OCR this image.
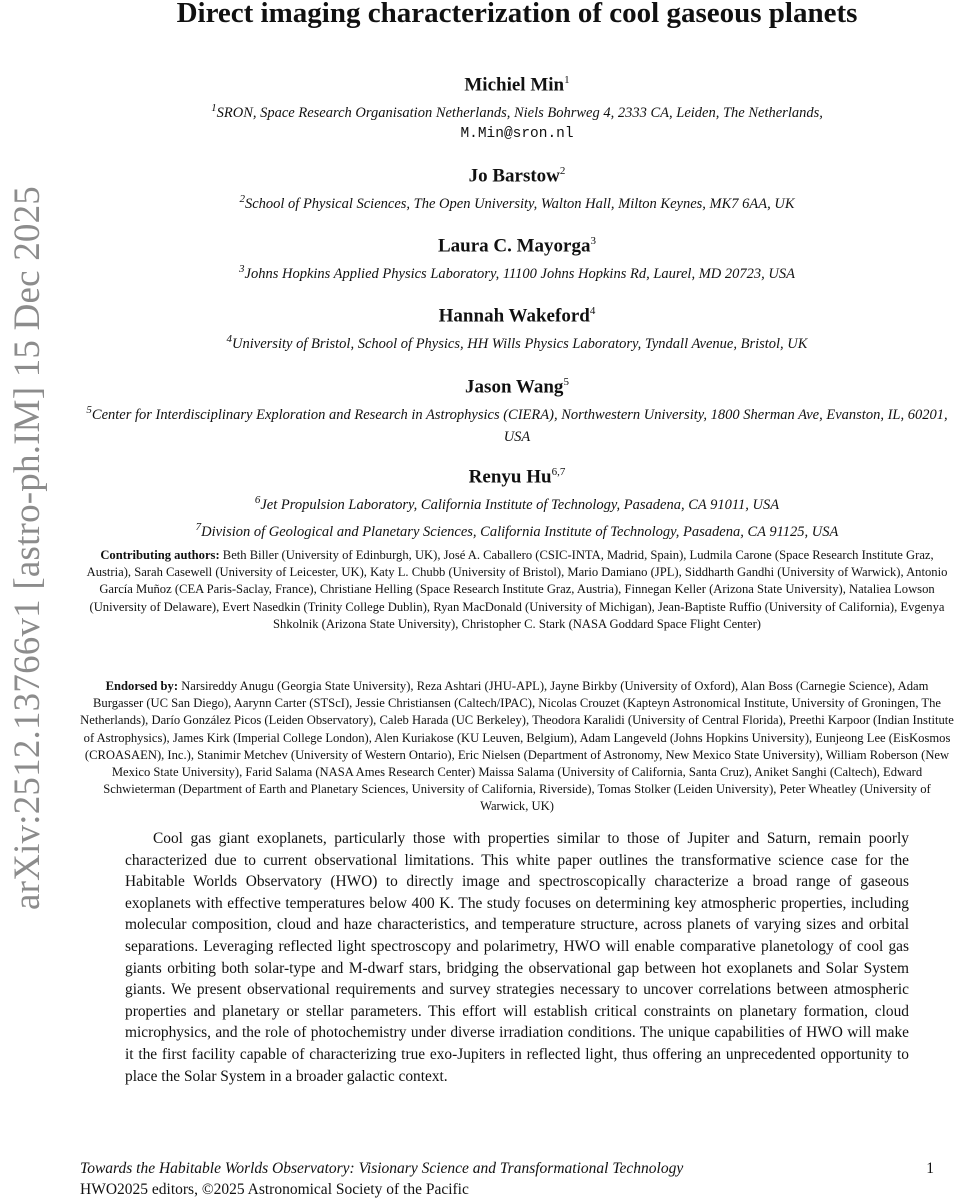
arXiv:2512.13766v1 [astro-ph.IM] 15 Dec 2025
Direct imaging characterization of cool gaseous planets
Michiel Min$^1$
$^1$SRON, Space Research Organisation Netherlands, Niels Bohrweg 4, 2333 CA, Leiden, The Netherlands,
M.Min@sron.nl
Jo Barstow$^2$
$^2$School of Physical Sciences, The Open University, Walton Hall, Milton Keynes, MK7 6AA, UK
Laura C. Mayorga$^3$
$^3$Johns Hopkins Applied Physics Laboratory, 11100 Johns Hopkins Rd, Laurel, MD 20723, USA
Hannah Wakeford$^4$
$^4$University of Bristol, School of Physics, HH Wills Physics Laboratory, Tyndall Avenue, Bristol, UK
Jason Wang$^5$
$^5$Center for Interdisciplinary Exploration and Research in Astrophysics (CIERA), Northwestern University, 1800 Sherman Ave, Evanston, IL, 60201, USA
Renyu Hu$^{6,7}$
$^6$Jet Propulsion Laboratory, California Institute of Technology, Pasadena, CA 91011, USA
$^7$Division of Geological and Planetary Sciences, California Institute of Technology, Pasadena, CA 91125, USA
Contributing authors: Beth Biller (University of Edinburgh, UK), José A. Caballero (CSIC-INTA, Madrid, Spain), Ludmila Carone (Space Research Institute Graz, Austria), Sarah Casewell (University of Leicester, UK), Katy L. Chubb (University of Bristol), Mario Damiano (JPL), Siddharth Gandhi (University of Warwick), Antonio García Muñoz (CEA Paris-Saclay, France), Christiane Helling (Space Research Institute Graz, Austria), Finnegan Keller (Arizona State University), Nataliea Lowson (University of Delaware), Evert Nasedkin (Trinity College Dublin), Ryan MacDonald (University of Michigan), Jean-Baptiste Ruffio (University of California), Evgenya Shkolnik (Arizona State University), Christopher C. Stark (NASA Goddard Space Flight Center)
Endorsed by: Narsireddy Anugu (Georgia State University), Reza Ashtari (JHU-APL), Jayne Birkby (University of Oxford), Alan Boss (Carnegie Science), Adam Burgasser (UC San Diego), Aarynn Carter (STScI), Jessie Christiansen (Caltech/IPAC), Nicolas Crouzet (Kapteyn Astronomical Institute, University of Groningen, The Netherlands), Darío González Picos (Leiden Observatory), Caleb Harada (UC Berkeley), Theodora Karalidi (University of Central Florida), Preethi Karpoor (Indian Institute of Astrophysics), James Kirk (Imperial College London), Alen Kuriakose (KU Leuven, Belgium), Adam Langeveld (Johns Hopkins University), Eunjeong Lee (EisKosmos (CROASAEN), Inc.), Stanimir Metchev (University of Western Ontario), Eric Nielsen (Department of Astronomy, New Mexico State University), William Roberson (New Mexico State University), Farid Salama (NASA Ames Research Center) Maissa Salama (University of California, Santa Cruz), Aniket Sanghi (Caltech), Edward Schwieterman (Department of Earth and Planetary Sciences, University of California, Riverside), Tomas Stolker (Leiden University), Peter Wheatley (University of Warwick, UK)

Cool gas giant exoplanets, particularly those with properties similar to those of Jupiter and Saturn, remain poorly characterized due to current observational limitations. This white paper outlines the transformative science case for the Habitable Worlds Observatory (HWO) to directly image and spectroscopically characterize a broad range of gaseous exoplanets with effective temperatures below 400 K. The study focuses on determining key atmospheric properties, including molecular composition, cloud and haze characteristics, and temperature structure, across planets of varying sizes and orbital separations. Leveraging reflected light spectroscopy and polarimetry, HWO will enable comparative planetology of cool gas giants orbiting both solar-type and M-dwarf stars, bridging the observational gap between hot exoplanets and Solar System giants. We present observational requirements and survey strategies necessary to uncover correlations between atmospheric properties and planetary or stellar parameters. This effort will establish critical constraints on planetary formation, cloud microphysics, and the role of photochemistry under diverse irradiation conditions. The unique capabilities of HWO will make it the first facility capable of characterizing true exo-Jupiters in reflected light, thus offering an unprecedented opportunity to place the Solar System in a broader galactic context.

Towards the Habitable Worlds Observatory: Visionary Science and Transformational Technology
HWO2025 editors, ©2025 Astronomical Society of the Pacific
1
